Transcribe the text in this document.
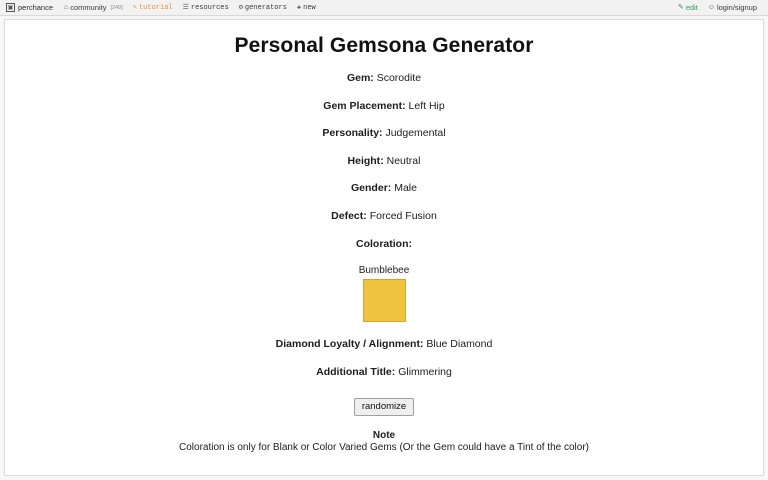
▣ perchance ⌂ community [249] ✎ tutorial ☰ resources ⚙ generators ✚ new	✎ edit ☺ login/signup
Personal Gemsona Generator
Gem: Scorodite
Gem Placement: Left Hip
Personality: Judgemental
Height: Neutral
Gender: Male
Defect: Forced Fusion
Coloration:
Bumblebee
Diamond Loyalty / Alignment: Blue Diamond
Additional Title: Glimmering
randomize
Note
Coloration is only for Blank or Color Varied Gems (Or the Gem could have a Tint of the color)
